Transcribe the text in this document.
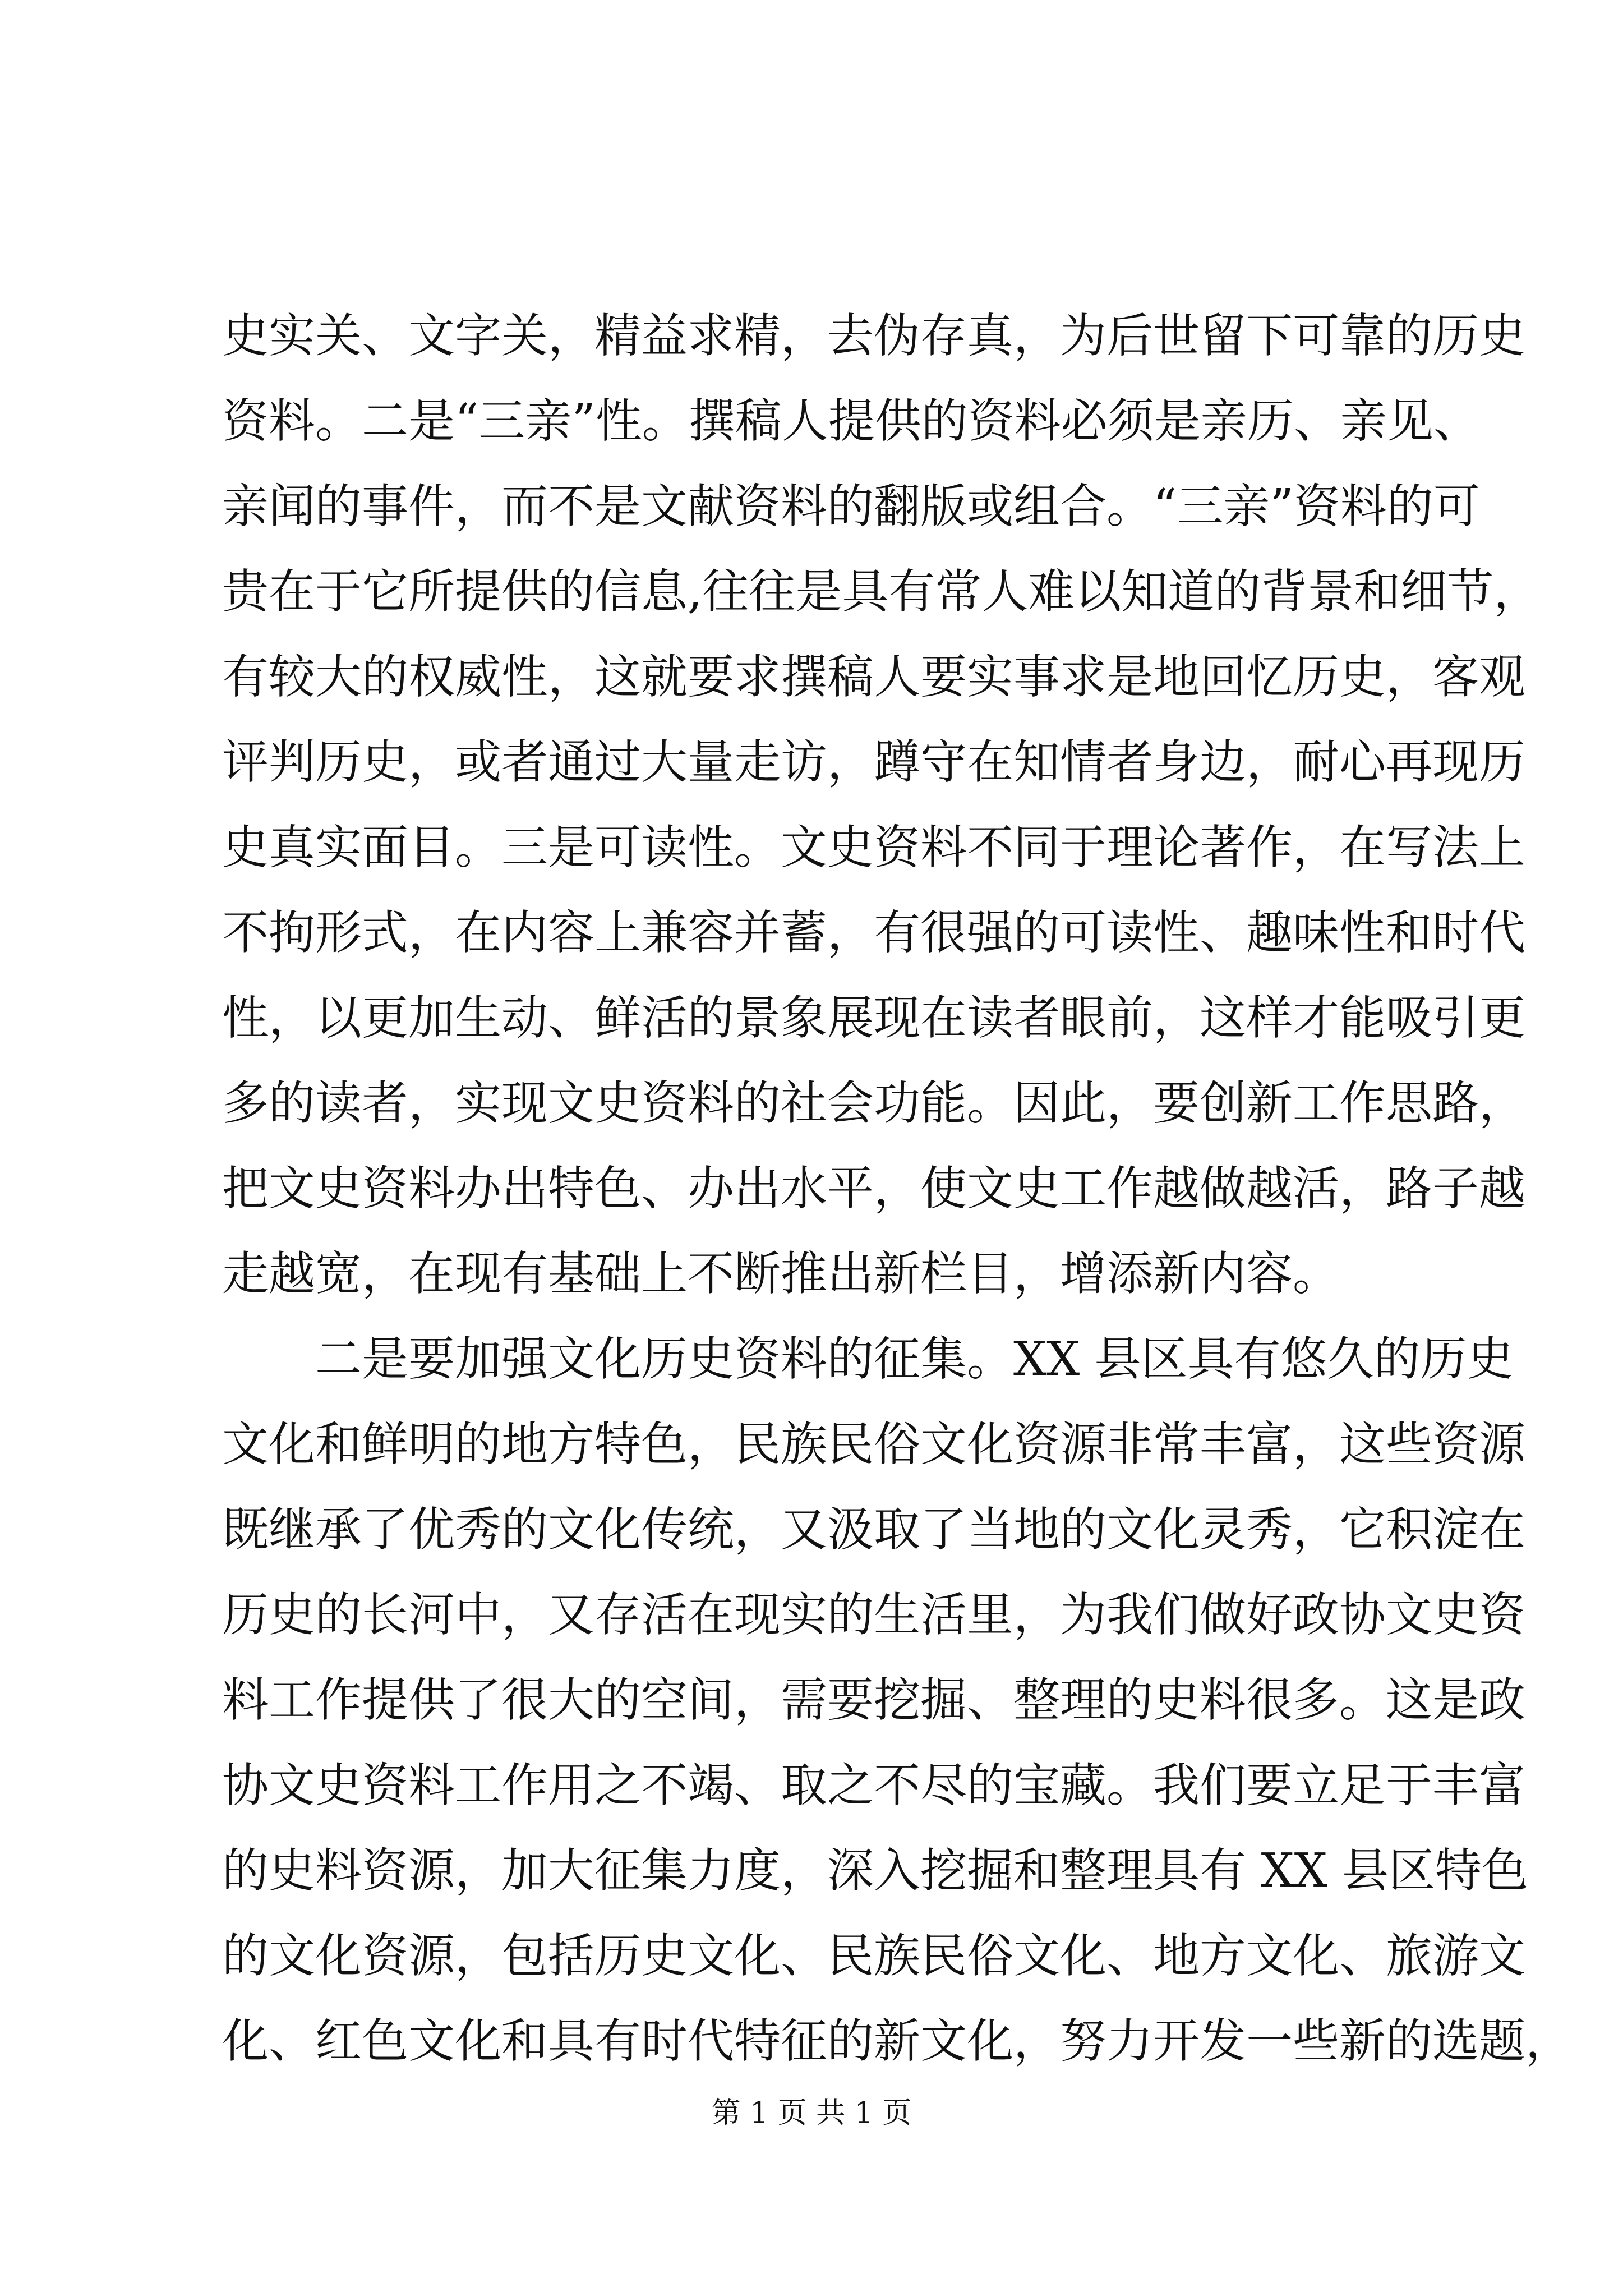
史实关、文字关，精益求精，去伪存真，为后世留下可靠的历史
资料。二是“三亲”性。撰稿人提供的资料必须是亲历、亲见、
亲闻的事件，而不是文献资料的翻版或组合。“三亲”资料的可
贵在于它所提供的信息,往往是具有常人难以知道的背景和细节，
有较大的权威性，这就要求撰稿人要实事求是地回忆历史，客观
评判历史，或者通过大量走访，蹲守在知情者身边，耐心再现历
史真实面目。三是可读性。文史资料不同于理论著作，在写法上
不拘形式，在内容上兼容并蓄，有很强的可读性、趣味性和时代
性，以更加生动、鲜活的景象展现在读者眼前，这样才能吸引更
多的读者，实现文史资料的社会功能。因此，要创新工作思路，
把文史资料办出特色、办出水平，使文史工作越做越活，路子越
走越宽，在现有基础上不断推出新栏目，增添新内容。
二是要加强文化历史资料的征集。XX 县区具有悠久的历史
文化和鲜明的地方特色，民族民俗文化资源非常丰富，这些资源
既继承了优秀的文化传统，又汲取了当地的文化灵秀，它积淀在
历史的长河中，又存活在现实的生活里，为我们做好政协文史资
料工作提供了很大的空间，需要挖掘、整理的史料很多。这是政
协文史资料工作用之不竭、取之不尽的宝藏。我们要立足于丰富
的史料资源，加大征集力度，深入挖掘和整理具有 XX 县区特色
的文化资源，包括历史文化、民族民俗文化、地方文化、旅游文
化、红色文化和具有时代特征的新文化，努力开发一些新的选题，
第 1 页 共 1 页
